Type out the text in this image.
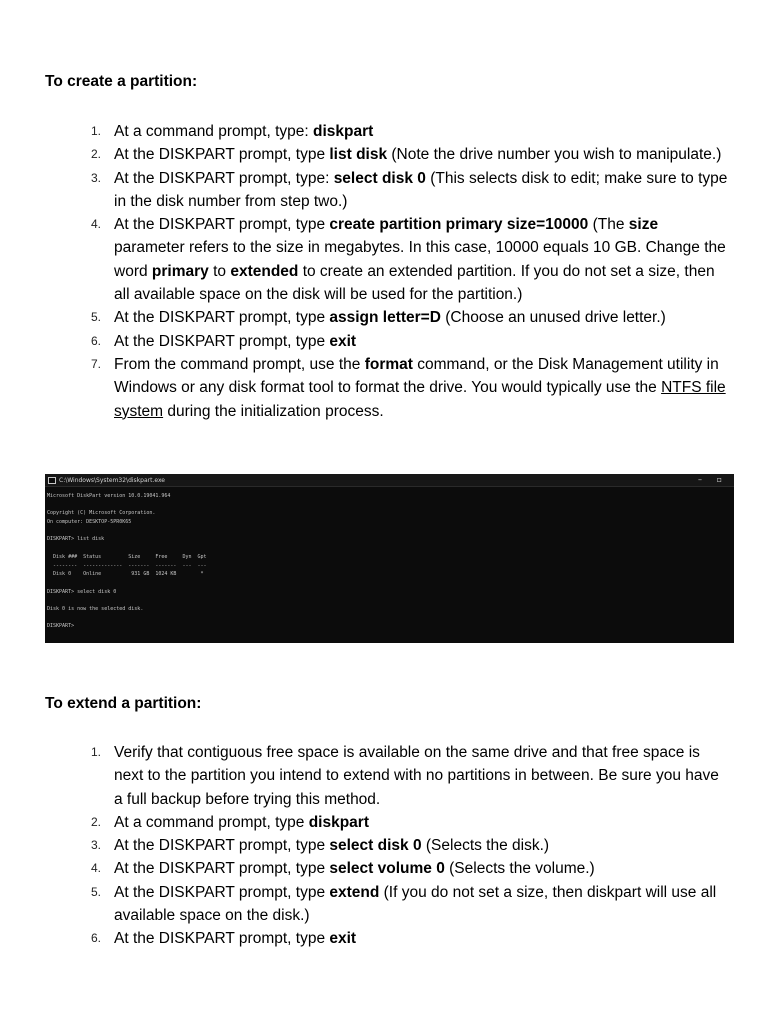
To create a partition:
1. At a command prompt, type: diskpart
2. At the DISKPART prompt, type list disk (Note the drive number you wish to manipulate.)
3. At the DISKPART prompt, type: select disk 0 (This selects disk to edit; make sure to type in the disk number from step two.)
4. At the DISKPART prompt, type create partition primary size=10000 (The size parameter refers to the size in megabytes. In this case, 10000 equals 10 GB. Change the word primary to extended to create an extended partition. If you do not set a size, then all available space on the disk will be used for the partition.)
5. At the DISKPART prompt, type assign letter=D (Choose an unused drive letter.)
6. At the DISKPART prompt, type exit
7. From the command prompt, use the format command, or the Disk Management utility in Windows or any disk format tool to format the drive. You would typically use the NTFS file system during the initialization process.
C:\Windows\System32\diskpart.exe	– ▫
Microsoft DiskPart version 10.0.19041.964
Copyright (C) Microsoft Corporation.
On computer: DESKTOP-5PR0K65
DISKPART> list disk
Disk ###  Status         Size     Free     Dyn  Gpt
--------  -------------  -------  -------  ---  ---
Disk 0    Online          931 GB  1024 KB        *
DISKPART> select disk 0
Disk 0 is now the selected disk.
DISKPART>
To extend a partition:
1. Verify that contiguous free space is available on the same drive and that free space is next to the partition you intend to extend with no partitions in between. Be sure you have a full backup before trying this method.
2. At a command prompt, type diskpart
3. At the DISKPART prompt, type select disk 0 (Selects the disk.)
4. At the DISKPART prompt, type select volume 0 (Selects the volume.)
5. At the DISKPART prompt, type extend (If you do not set a size, then diskpart will use all available space on the disk.)
6. At the DISKPART prompt, type exit
